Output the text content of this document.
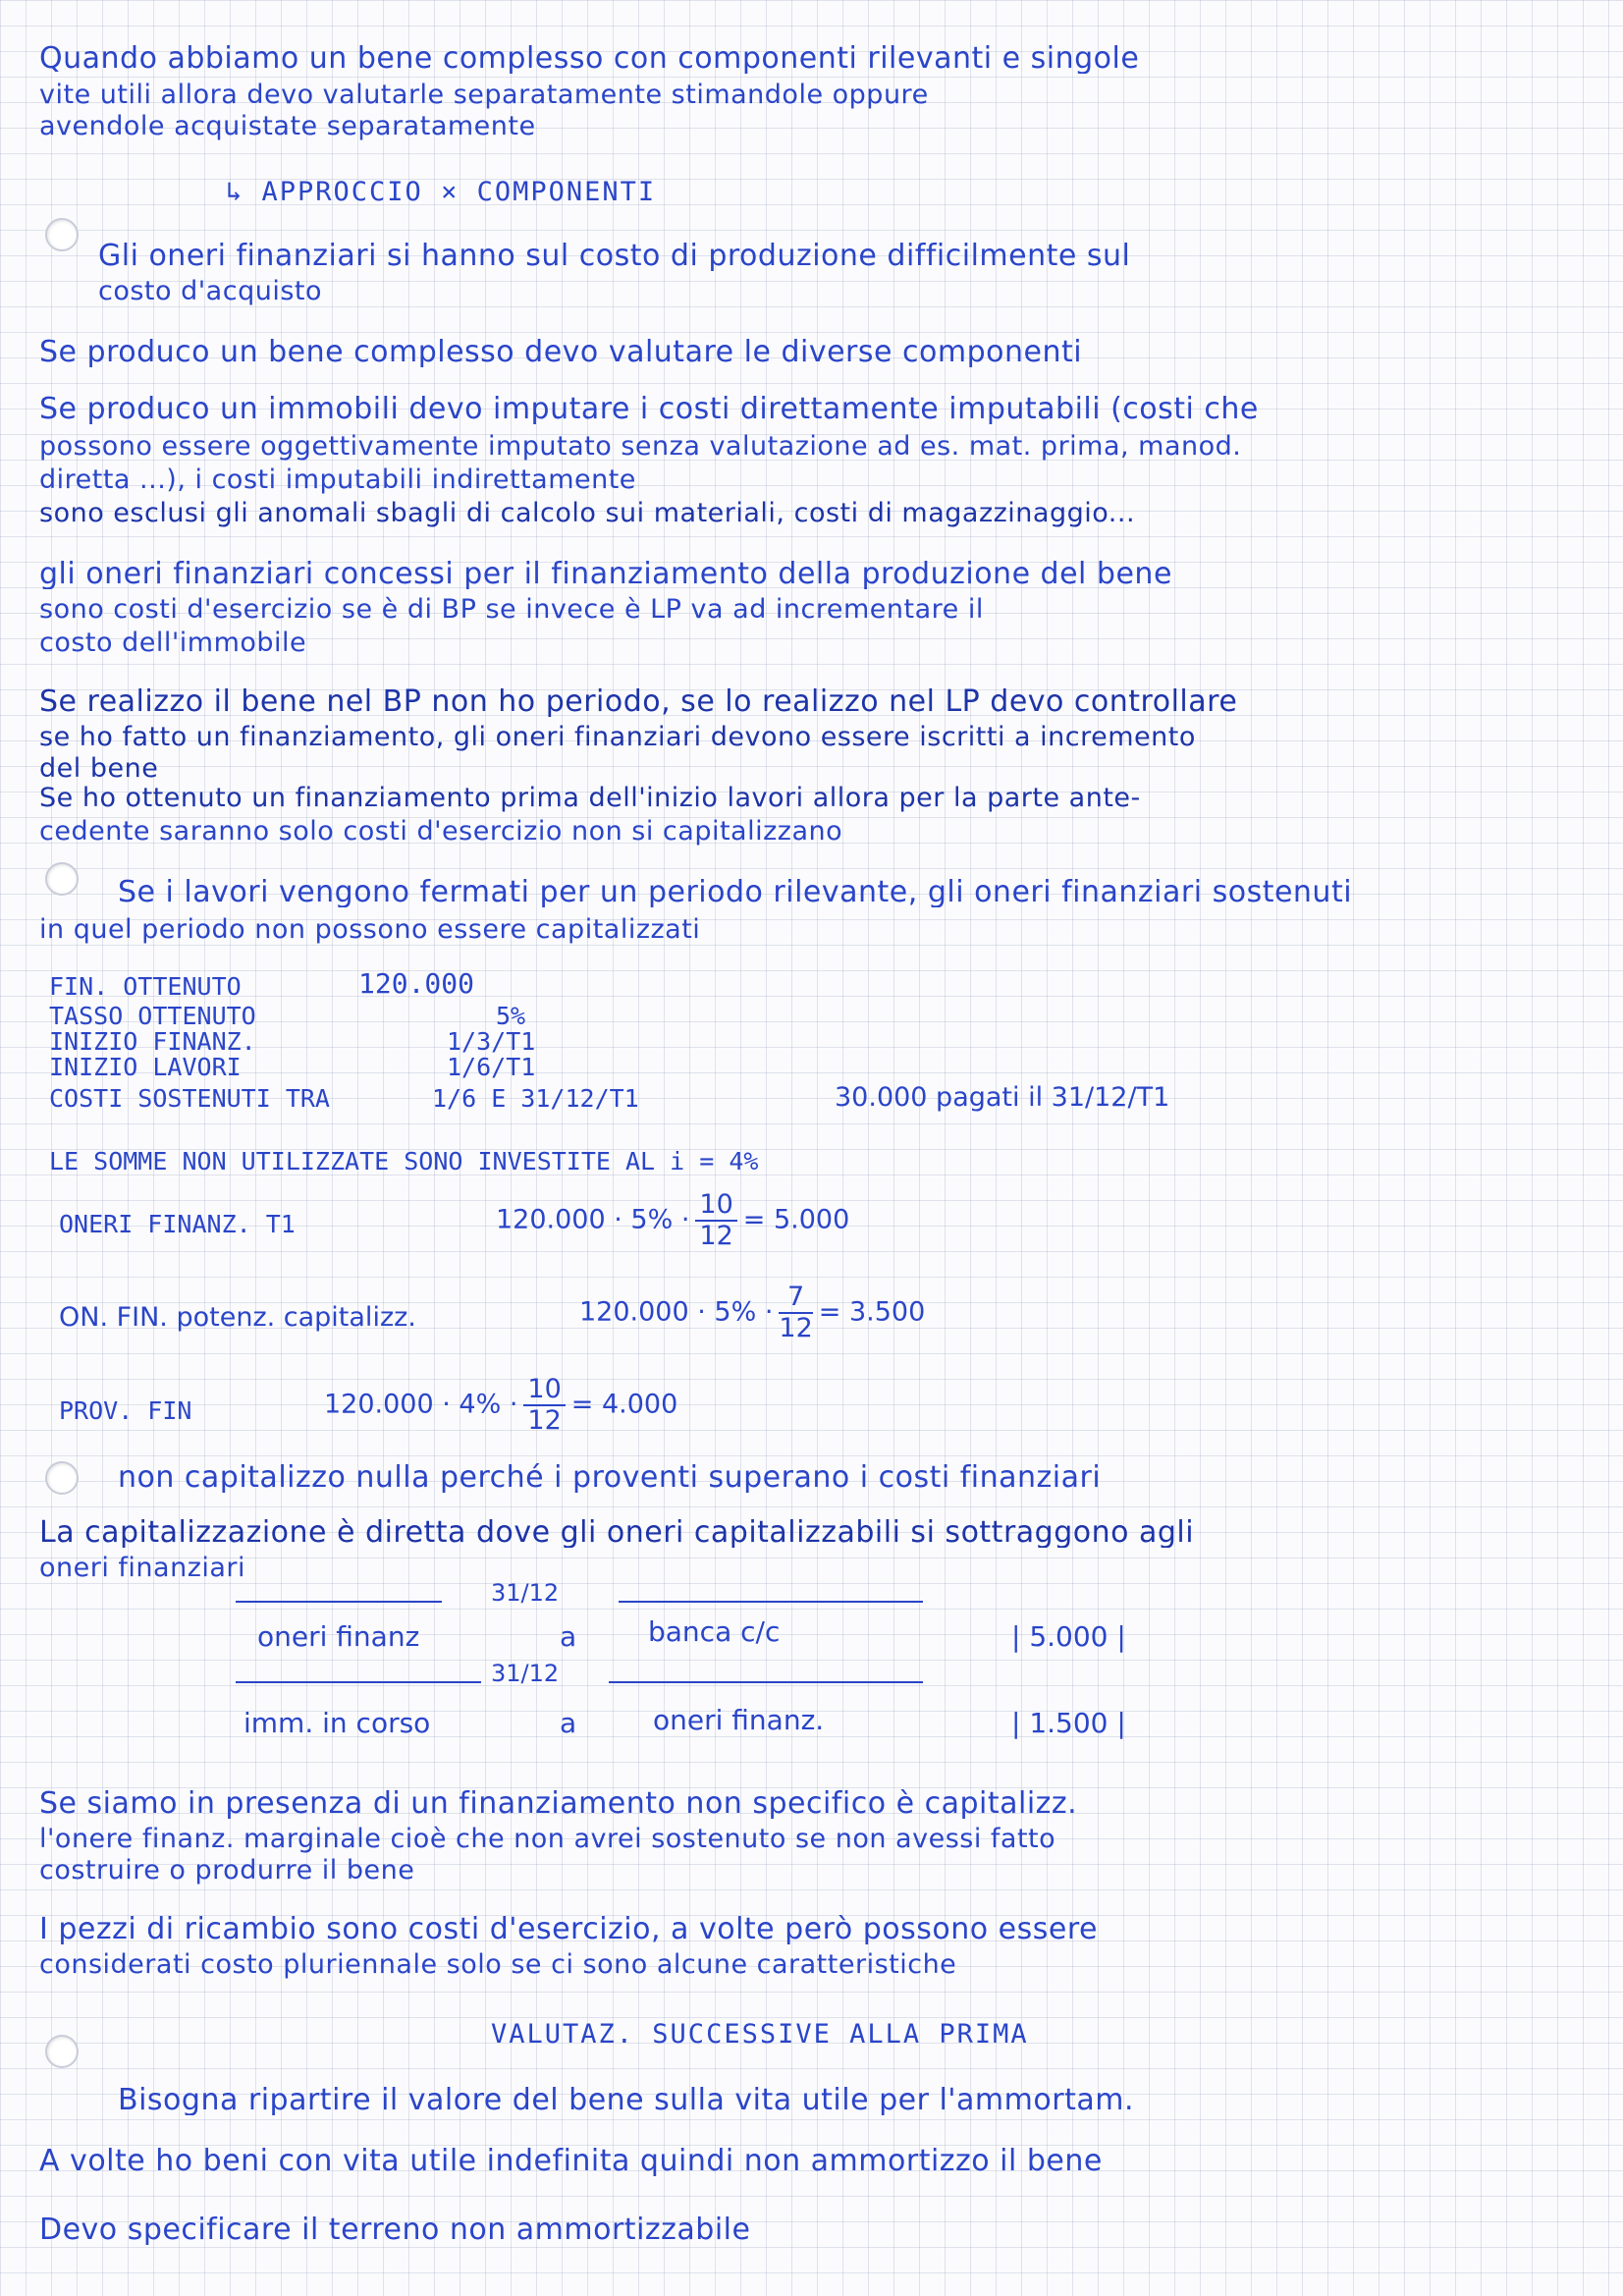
Quando abbiamo un bene complesso con componenti rilevanti e singole
vite utili allora devo valutarle separatamente stimandole oppure
avendole acquistate separatamente
↳ APPROCCIO × COMPONENTI
Gli oneri finanziari si hanno sul costo di produzione difficilmente sul
costo d'acquisto
Se produco un bene complesso devo valutare le diverse componenti
Se produco un immobili devo imputare i costi direttamente imputabili (costi che
possono essere oggettivamente imputato senza valutazione ad es. mat. prima, manod.
diretta ...), i costi imputabili indirettamente
sono esclusi gli anomali sbagli di calcolo sui materiali, costi di magazzinaggio...
gli oneri finanziari concessi per il finanziamento della produzione del bene
sono costi d'esercizio se è di BP se invece è LP va ad incrementare il
costo dell'immobile
Se realizzo il bene nel BP non ho periodo, se lo realizzo nel LP devo controllare
se ho fatto un finanziamento, gli oneri finanziari devono essere iscritti a incremento
del bene
Se ho ottenuto un finanziamento prima dell'inizio lavori allora per la parte ante-
cedente saranno solo costi d'esercizio non si capitalizzano
Se i lavori vengono fermati per un periodo rilevante, gli oneri finanziari sostenuti
in quel periodo non possono essere capitalizzati
FIN. OTTENUTO	120.000
TASSO OTTENUTO	5%
INIZIO FINANZ.	1/3/T1
INIZIO LAVORI	1/6/T1
COSTI SOSTENUTI TRA	1/6 E 31/12/T1	30.000 pagati il 31/12/T1
LE SOMME NON UTILIZZATE SONO INVESTITE AL i = 4%
ONERI FINANZ. T1	$120.000 \cdot 5\% \cdot \frac{10}{12} = 5.000$
ON. FIN. potenz. capitalizz.	$120.000 \cdot 5\% \cdot \frac{7}{12} = 3.500$
PROV. FIN	$120.000 \cdot 4\% \cdot \frac{10}{12} = 4.000$
non capitalizzo nulla perché i proventi superano i costi finanziari
La capitalizzazione è diretta dove gli oneri capitalizzabili si sottraggono agli
oneri finanziari
31/12
oneri finanz	a	banca c/c	| 5.000 |
31/12
imm. in corso	a	oneri finanz.	| 1.500 |
Se siamo in presenza di un finanziamento non specifico è capitalizz.
l'onere finanz. marginale cioè che non avrei sostenuto se non avessi fatto
costruire o produrre il bene
I pezzi di ricambio sono costi d'esercizio, a volte però possono essere
considerati costo pluriennale solo se ci sono alcune caratteristiche
VALUTAZ. SUCCESSIVE ALLA PRIMA
Bisogna ripartire il valore del bene sulla vita utile per l'ammortam.
A volte ho beni con vita utile indefinita quindi non ammortizzo il bene
Devo specificare il terreno non ammortizzabile
